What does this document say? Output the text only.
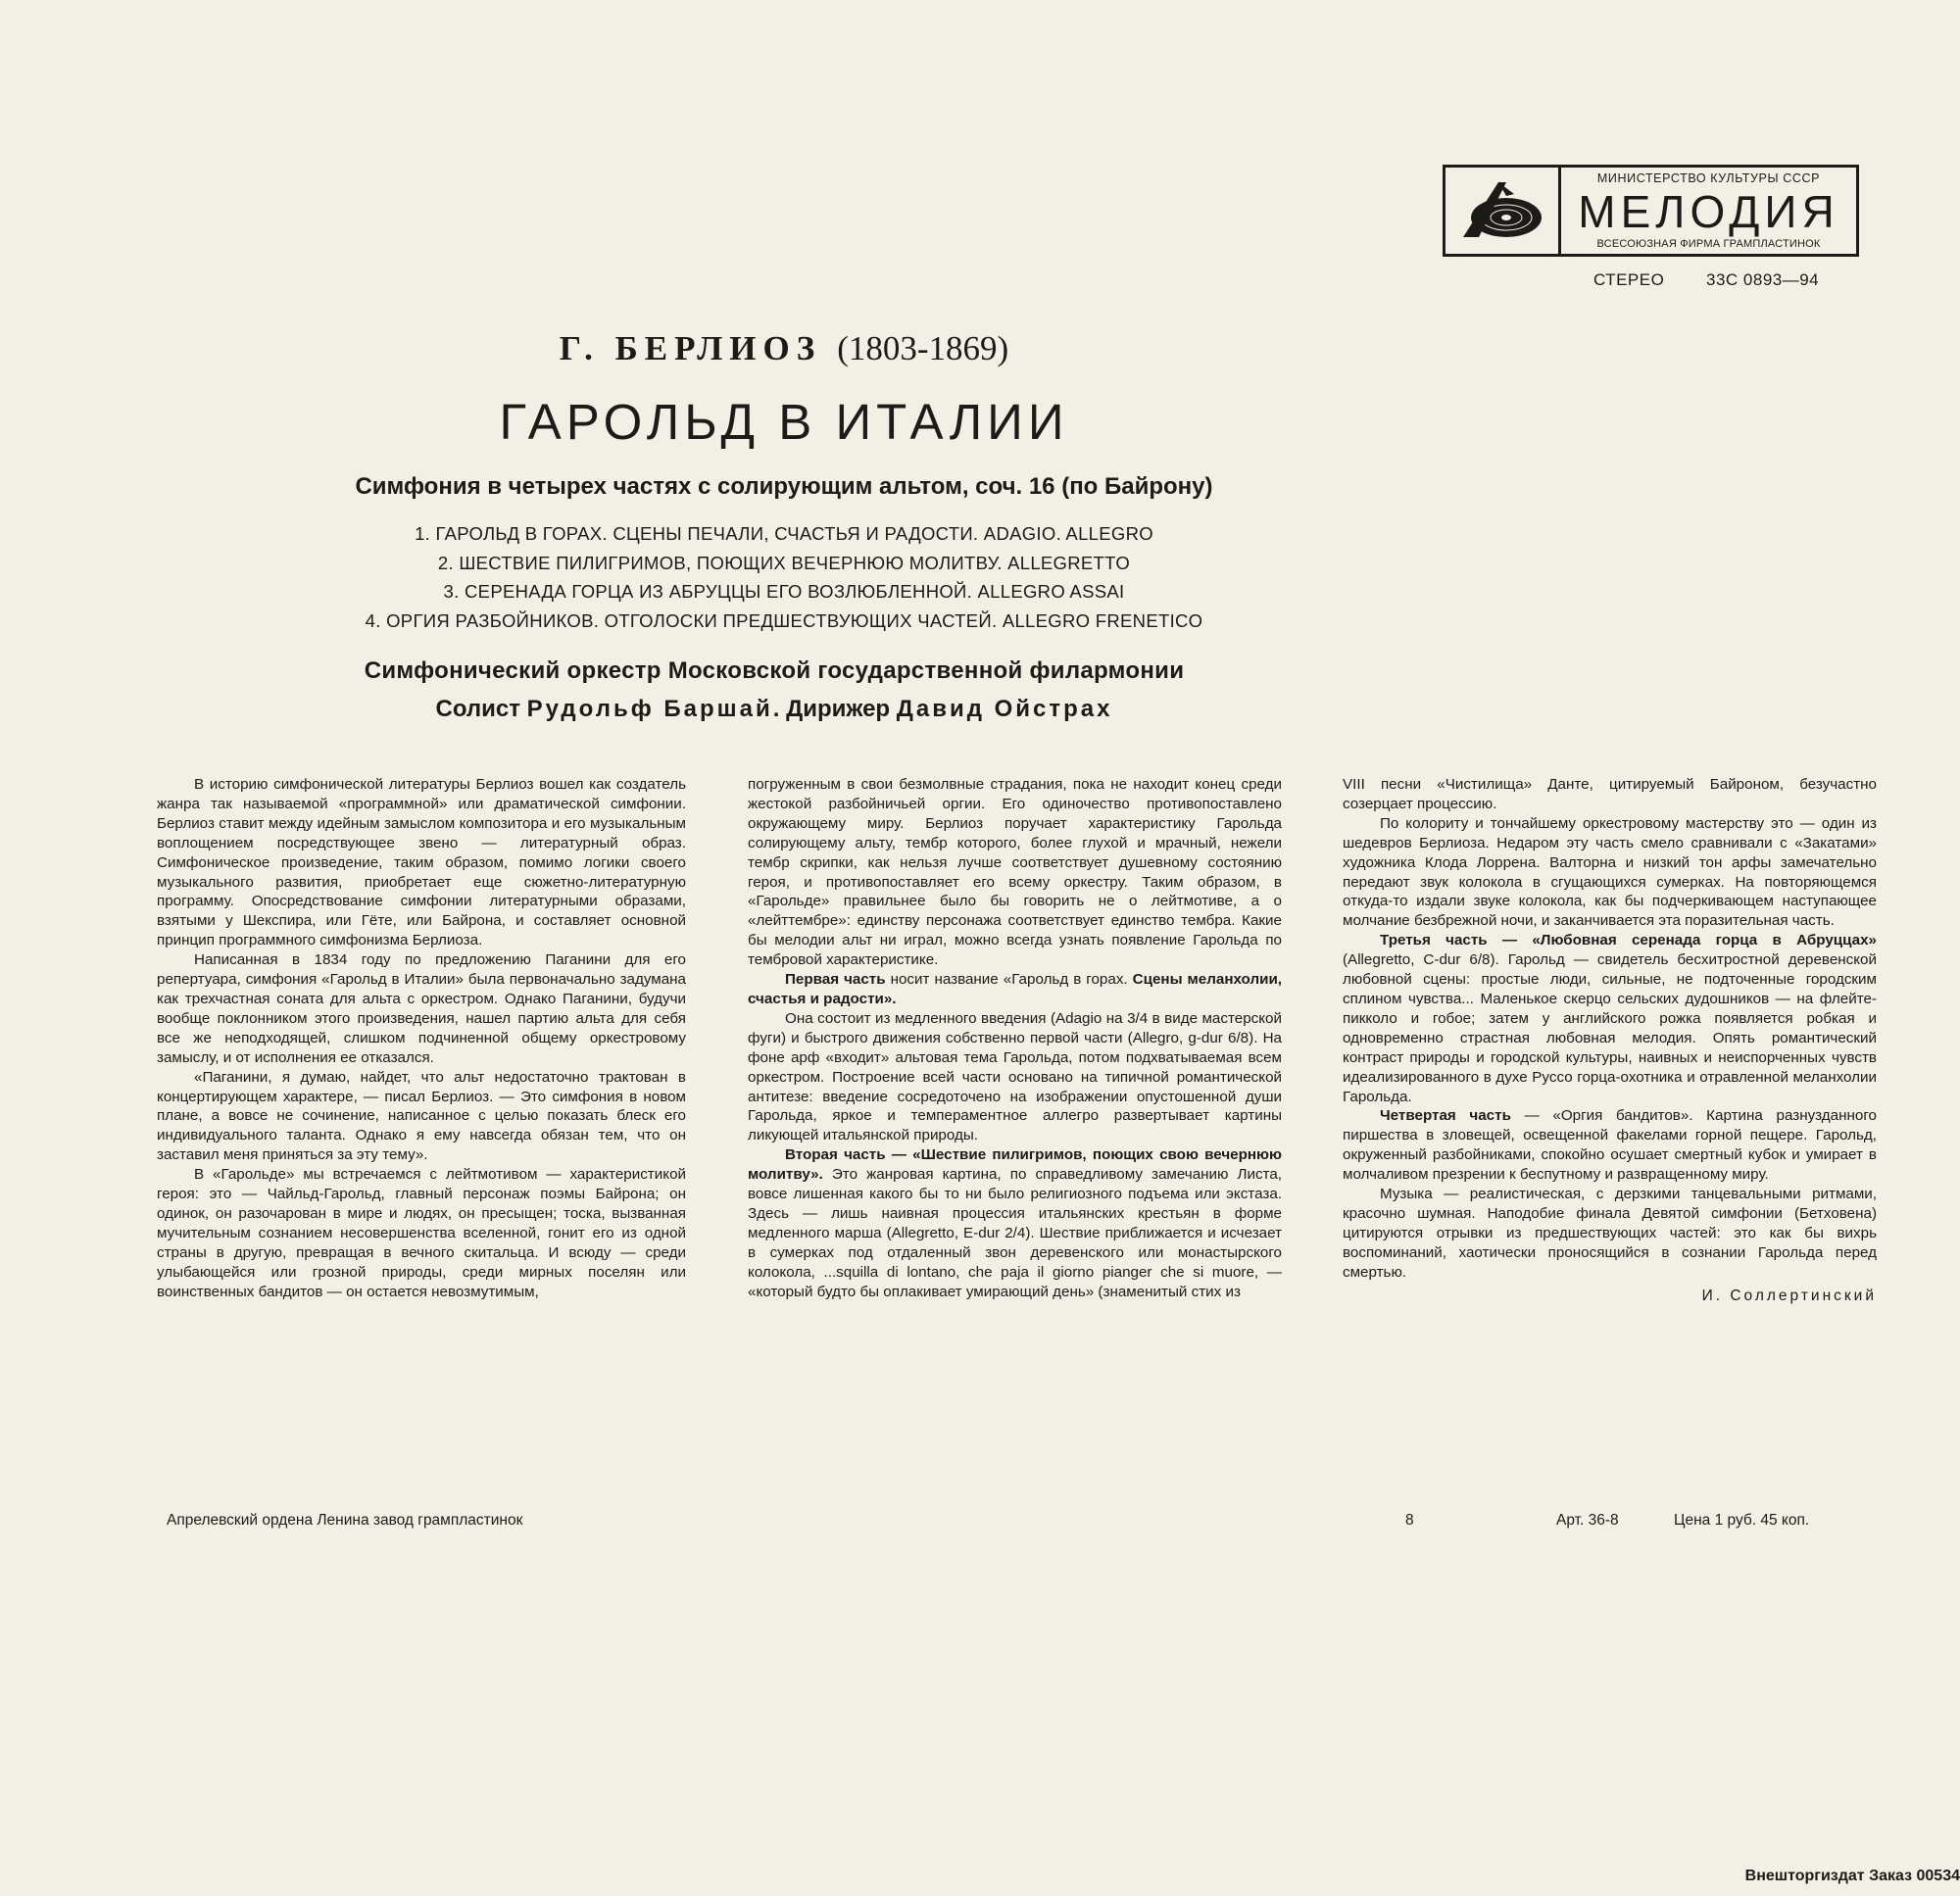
МИНИСТЕРСТВО КУЛЬТУРЫ СССР
МЕЛОДИЯ
ВСЕСОЮЗНАЯ ФИРМА ГРАМПЛАСТИНОК
СТЕРЕО	33С 0893—94
Г. БЕРЛИОЗ (1803-1869)
ГАРОЛЬД В ИТАЛИИ
Симфония в четырех частях с солирующим альтом, соч. 16 (по Байрону)
1. ГАРОЛЬД В ГОРАХ. СЦЕНЫ ПЕЧАЛИ, СЧАСТЬЯ И РАДОСТИ. ADAGIO. ALLEGRO
2. ШЕСТВИЕ ПИЛИГРИМОВ, ПОЮЩИХ ВЕЧЕРНЮЮ МОЛИТВУ. ALLEGRETTO
3. СЕРЕНАДА ГОРЦА ИЗ АБРУЦЦЫ ЕГО ВОЗЛЮБЛЕННОЙ. ALLEGRO ASSAI
4. ОРГИЯ РАЗБОЙНИКОВ. ОТГОЛОСКИ ПРЕДШЕСТВУЮЩИХ ЧАСТЕЙ. ALLEGRO FRENETICO
Симфонический оркестр Московской государственной филармонии
Солист Рудольф Баршай. Дирижер Давид Ойстрах

В историю симфонической литературы Берлиоз вошел как создатель жанра так называемой «программной» или драматической симфонии. Берлиоз ставит между идейным замыслом композитора и его музыкальным воплощением посредствующее звено — литературный образ. Симфоническое произведение, таким образом, помимо логики своего музыкального развития, приобретает еще сюжетно-литературную программу. Опосредствование симфонии литературными образами, взятыми у Шекспира, или Гёте, или Байрона, и составляет основной принцип программного симфонизма Берлиоза.

Написанная в 1834 году по предложению Паганини для его репертуара, симфония «Гарольд в Италии» была первоначально задумана как трехчастная соната для альта с оркестром. Однако Паганини, будучи вообще поклонником этого произведения, нашел партию альта для себя все же неподходящей, слишком подчиненной общему оркестровому замыслу, и от исполнения ее отказался.

«Паганини, я думаю, найдет, что альт недостаточно трактован в концертирующем характере, — писал Берлиоз. — Это симфония в новом плане, а вовсе не сочинение, написанное с целью показать блеск его индивидуального таланта. Однако я ему навсегда обязан тем, что он заставил меня приняться за эту тему».

В «Гарольде» мы встречаемся с лейтмотивом — характеристикой героя: это — Чайльд-Гарольд, главный персонаж поэмы Байрона; он одинок, он разочарован в мире и людях, он пресыщен; тоска, вызванная мучительным сознанием несовершенства вселенной, гонит его из одной страны в другую, превращая в вечного скитальца. И всюду — среди улыбающейся или грозной природы, среди мирных поселян или воинственных бандитов — он остается невозмутимым,

погруженным в свои безмолвные страдания, пока не находит конец среди жестокой разбойничьей оргии. Его одиночество противопоставлено окружающему миру. Берлиоз поручает характеристику Гарольда солирующему альту, тембр которого, более глухой и мрачный, нежели тембр скрипки, как нельзя лучше соответствует душевному состоянию героя, и противопоставляет его всему оркестру. Таким образом, в «Гарольде» правильнее было бы говорить не о лейтмотиве, а о «лейттембре»: единству персонажа соответствует единство тембра. Какие бы мелодии альт ни играл, можно всегда узнать появление Гарольда по тембровой характеристике.

Первая часть носит название «Гарольд в горах. Сцены меланхолии, счастья и радости».

Она состоит из медленного введения (Adagio на 3/4 в виде мастерской фуги) и быстрого движения собственно первой части (Allegro, g-dur 6/8). На фоне арф «входит» альтовая тема Гарольда, потом подхватываемая всем оркестром. Построение всей части основано на типичной романтической антитезе: введение сосредоточено на изображении опустошенной души Гарольда, яркое и темпераментное аллегро развертывает картины ликующей итальянской природы.

Вторая часть — «Шествие пилигримов, поющих свою вечернюю молитву». Это жанровая картина, по справедливому замечанию Листа, вовсе лишенная какого бы то ни было религиозного подъема или экстаза. Здесь — лишь наивная процессия итальянских крестьян в форме медленного марша (Allegretto, E-dur 2/4). Шествие приближается и исчезает в сумерках под отдаленный звон деревенского или монастырского колокола, ...squilla di lontano, che paja il giorno pianger che si muore, — «который будто бы оплакивает умирающий день» (знаменитый стих из

VIII песни «Чистилища» Данте, цитируемый Байроном, безучастно созерцает процессию.

По колориту и тончайшему оркестровому мастерству это — один из шедевров Берлиоза. Недаром эту часть смело сравнивали с «Закатами» художника Клода Лоррена. Валторна и низкий тон арфы замечательно передают звук колокола в сгущающихся сумерках. На повторяющемся откуда-то издали звуке колокола, как бы подчеркивающем наступающее молчание безбрежной ночи, и заканчивается эта поразительная часть.

Третья часть — «Любовная серенада горца в Абруццах» (Allegretto, C-dur 6/8). Гарольд — свидетель бесхитростной деревенской любовной сцены: простые люди, сильные, не подточенные городским сплином чувства... Маленькое скерцо сельских дудошников — на флейте-пикколо и гобое; затем у английского рожка появляется робкая и одновременно страстная любовная мелодия. Опять романтический контраст природы и городской культуры, наивных и неиспорченных чувств идеализированного в духе Руссо горца-охотника и отравленной меланхолии Гарольда.

Четвертая часть — «Оргия бандитов». Картина разнузданного пиршества в зловещей, освещенной факелами горной пещере. Гарольд, окруженный разбойниками, спокойно осушает смертный кубок и умирает в молчаливом презрении к беспутному и развращенному миру.

Музыка — реалистическая, с дерзкими танцевальными ритмами, красочно шумная. Наподобие финала Девятой симфонии (Бетховена) цитируются отрывки из предшествующих частей: это как бы вихрь воспоминаний, хаотически проносящийся в сознании Гарольда перед смертью.

И. Соллертинский
Апрелевский ордена Ленина завод грампластинок	8	Арт. 36-8	Цена 1 руб. 45 коп.
Внешторгиздат Заказ 00534
